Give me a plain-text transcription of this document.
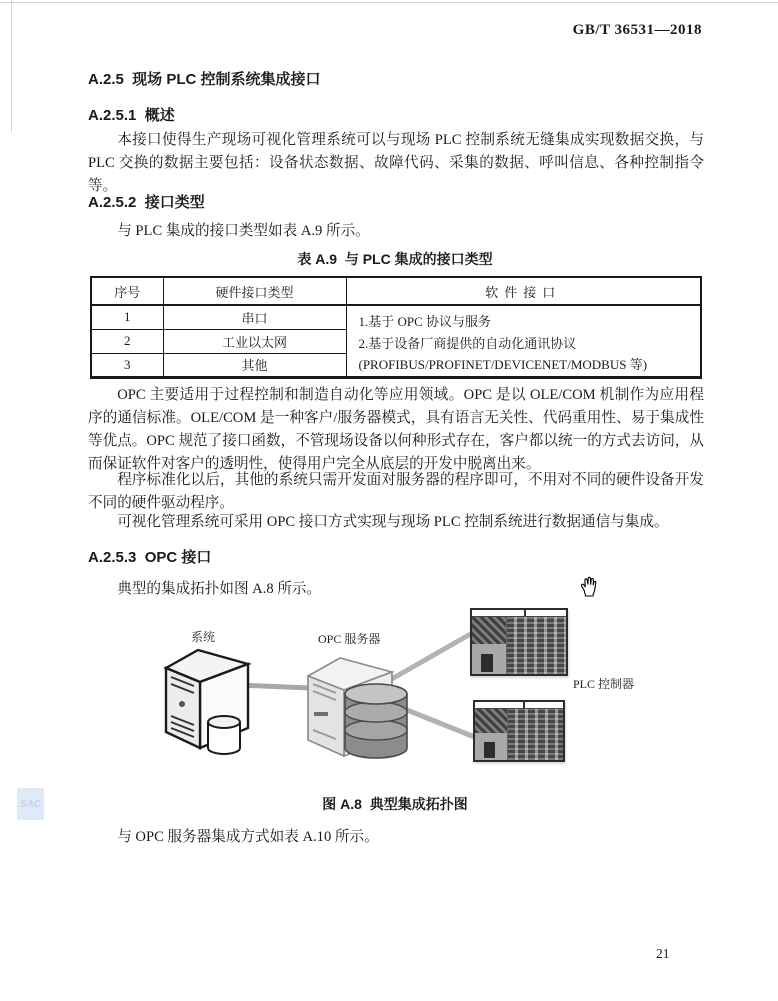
SAC
GB/T 36531—2018
A.2.5  现场 PLC 控制系统集成接口
A.2.5.1  概述
本接口使得生产现场可视化管理系统可以与现场 PLC 控制系统无缝集成实现数据交换，与 PLC 交换的数据主要包括：设备状态数据、故障代码、采集的数据、呼叫信息、各种控制指令等。
A.2.5.2  接口类型
与 PLC 集成的接口类型如表 A.9 所示。
表 A.9  与 PLC 集成的接口类型
序号	硬件接口类型	软件接口
1	串口	1.基于 OPC 协议与服务
2.基于设备厂商提供的自动化通讯协议(PROFIBUS/PROFINET/DEVICENET/MODBUS 等)

2	工业以太网	
3	其他	
OPC 主要适用于过程控制和制造自动化等应用领域。OPC 是以 OLE/COM 机制作为应用程序的通信标准。OLE/COM 是一种客户/服务器模式，具有语言无关性、代码重用性、易于集成性等优点。OPC 规范了接口函数，不管现场设备以何种形式存在，客户都以统一的方式去访问，从而保证软件对客户的透明性，使得用户完全从底层的开发中脱离出来。
程序标准化以后，其他的系统只需开发面对服务器的程序即可，不用对不同的硬件设备开发不同的硬件驱动程序。
可视化管理系统可采用 OPC 接口方式实现与现场 PLC 控制系统进行数据通信与集成。
A.2.5.3  OPC 接口
典型的集成拓扑如图 A.8 所示。
系统	OPC 服务器
PLC 控制器
图 A.8  典型集成拓扑图
与 OPC 服务器集成方式如表 A.10 所示。
21
